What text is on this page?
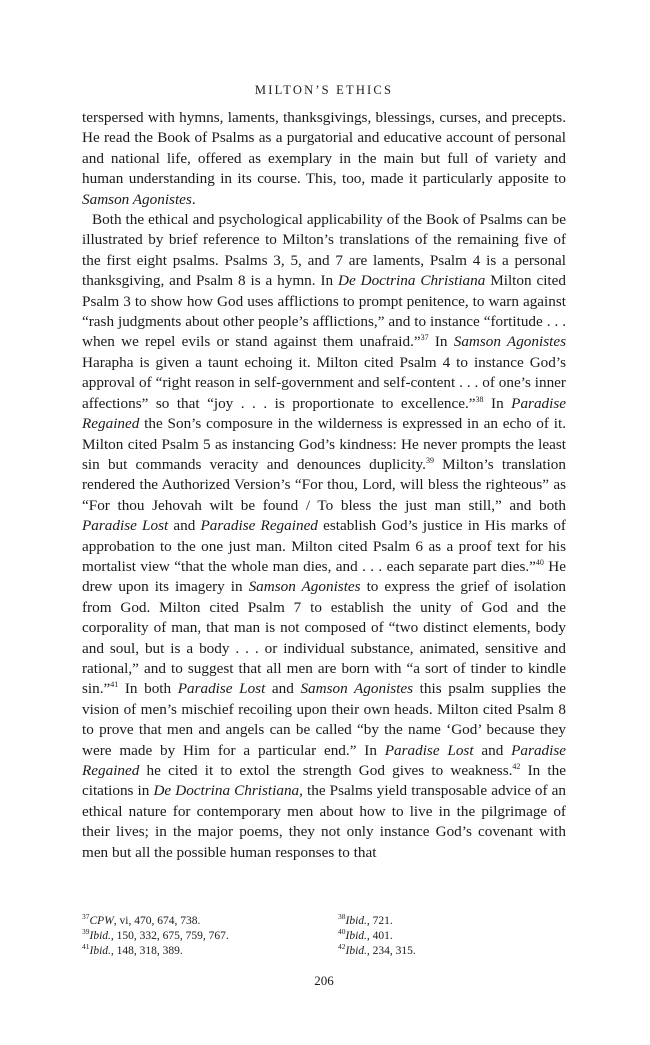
MILTON’S ETHICS

terspersed with hymns, laments, thanksgivings, blessings, curses, and precepts. He read the Book of Psalms as a purgatorial and educative account of personal and national life, offered as exemplary in the main but full of variety and human understanding in its course. This, too, made it particularly apposite to Samson Agonistes.

Both the ethical and psychological applicability of the Book of Psalms can be illustrated by brief reference to Milton’s translations of the remaining five of the first eight psalms. Psalms 3, 5, and 7 are laments, Psalm 4 is a personal thanksgiving, and Psalm 8 is a hymn. In De Doctrina Christiana Milton cited Psalm 3 to show how God uses afflictions to prompt penitence, to warn against “rash judgments about other people’s afflictions,” and to instance “fortitude . . . when we repel evils or stand against them unafraid.”$^{37}$ In Samson Agonistes Harapha is given a taunt echoing it. Milton cited Psalm 4 to instance God’s approval of “right reason in self-government and self-content . . . of one’s inner affections” so that “joy . . . is proportionate to excellence.”$^{38}$ In Paradise Regained the Son’s composure in the wilderness is expressed in an echo of it. Milton cited Psalm 5 as instancing God’s kindness: He never prompts the least sin but commands veracity and denounces duplicity.$^{39}$ Milton’s translation rendered the Authorized Version’s “For thou, Lord, will bless the righteous” as “For thou Jehovah wilt be found / To bless the just man still,” and both Paradise Lost and Paradise Regained establish God’s justice in His marks of approbation to the one just man. Milton cited Psalm 6 as a proof text for his mortalist view “that the whole man dies, and . . . each separate part dies.”$^{40}$ He drew upon its imagery in Samson Agonistes to express the grief of isolation from God. Milton cited Psalm 7 to establish the unity of God and the corporality of man, that man is not composed of “two distinct elements, body and soul, but is a body . . . or individual substance, animated, sensitive and rational,” and to suggest that all men are born with “a sort of tinder to kindle sin.”$^{41}$ In both Paradise Lost and Samson Agonistes this psalm supplies the vision of men’s mischief recoiling upon their own heads. Milton cited Psalm 8 to prove that men and angels can be called “by the name ‘God’ because they were made by Him for a particular end.” In Paradise Lost and Paradise Regained he cited it to extol the strength God gives to weakness.$^{42}$ In the citations in De Doctrina Christiana, the Psalms yield transposable advice of an ethical nature for contemporary men about how to live in the pilgrimage of their lives; in the major poems, they not only instance God’s covenant with men but all the possible human responses to that

$^{37}$CPW, vi, 470, 674, 738.	$^{38}$Ibid., 721.
$^{39}$Ibid., 150, 332, 675, 759, 767.	$^{40}$Ibid., 401.
$^{41}$Ibid., 148, 318, 389.	$^{42}$Ibid., 234, 315.
206
